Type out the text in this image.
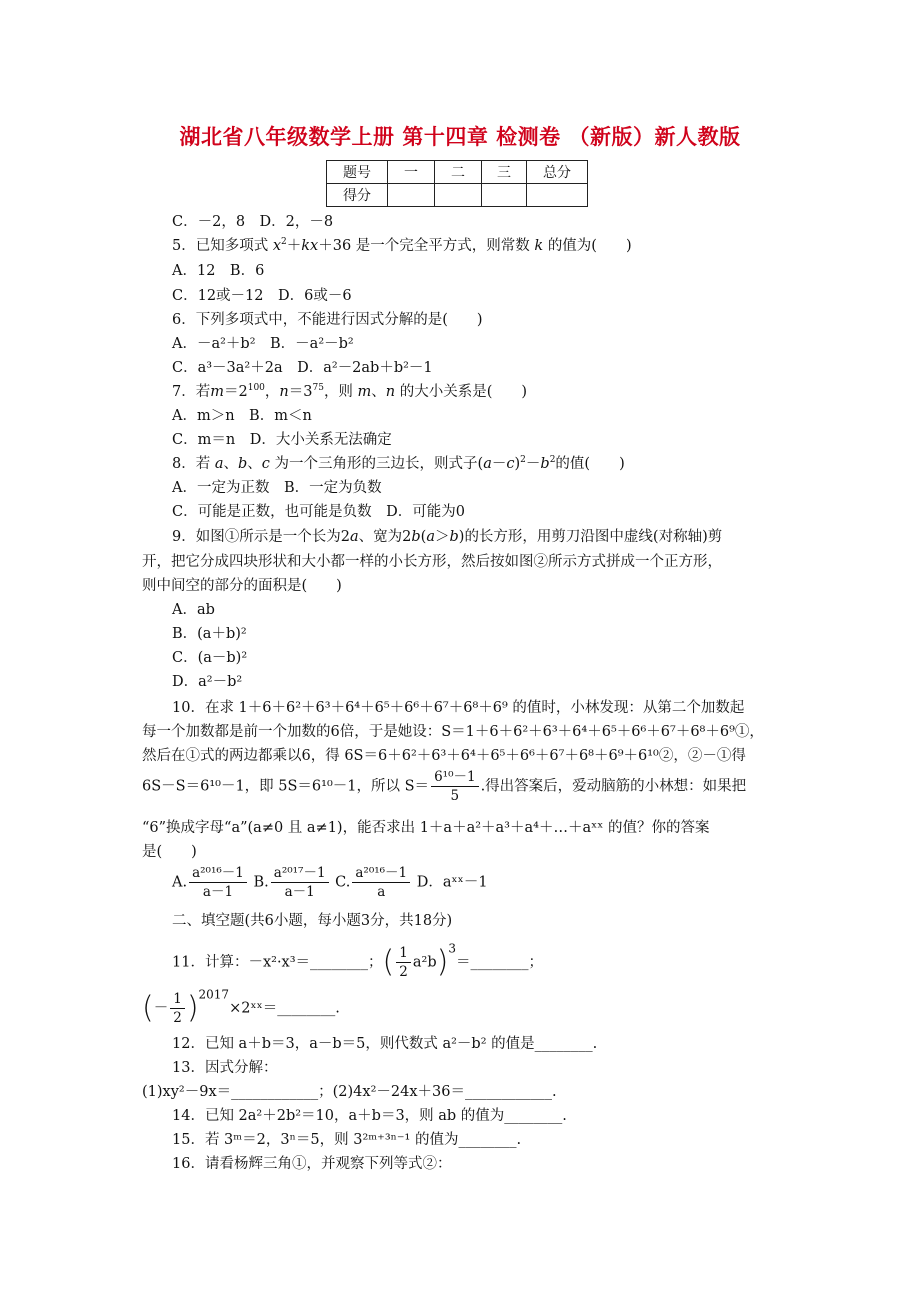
湖北省八年级数学上册 第十四章 检测卷 （新版）新人教版
题号	一	二	三	总分
得分				
C．－2，8　D．2，－8
5．已知多项式 $x^2+kx+36$ 是一个完全平方式，则常数 k 的值为(　　)
A．12　B．6
C．12或－12　D．6或－6
6．下列多项式中，不能进行因式分解的是(　　)
A．－a²＋b²　B．－a²－b²
C．a³－3a²＋2a　D．a²－2ab＋b²－1
7．若$m=2^{100}$，$n=3^{75}$，则 m、n 的大小关系是(　　)
A．m＞n　B．m＜n
C．m＝n　 D．大小关系无法确定
8．若 a、b、c 为一个三角形的三边长，则式子$(a-c)^2-b^2$的值(　　)
A．一定为正数　B．一定为负数
C．可能是正数，也可能是负数　D．可能为0
9．如图①所示是一个长为2a、宽为2b(a＞b)的长方形，用剪刀沿图中虚线(对称轴)剪
开，把它分成四块形状和大小都一样的小长方形，然后按如图②所示方式拼成一个正方形，
则中间空的部分的面积是(　　)
A．ab
B．(a＋b)²
C．(a－b)²
D．a²－b²
10．在求 1＋6＋6²＋6³＋6⁴＋6⁵＋6⁶＋6⁷＋6⁸＋6⁹ 的值时，小林发现：从第二个加数起
每一个加数都是前一个加数的6倍，于是她设：S＝1＋6＋6²＋6³＋6⁴＋6⁵＋6⁶＋6⁷＋6⁸＋6⁹①，
然后在①式的两边都乘以6，得 6S＝6＋6²＋6³＋6⁴＋6⁵＋6⁶＋6⁷＋6⁸＋6⁹＋6¹⁰②，②－①得
6S－S＝6¹⁰－1，即 5S＝6¹⁰－1，所以 $S= \frac{\text{6¹⁰－1}}{5}$ .得出答案后，爱动脑筋的小林想：如果把
“6”换成字母“a”(a≠0 且 a≠1)，能否求出 1＋a＋a²＋a³＋a⁴＋…＋aˣˣ 的值？你的答案
是(　　)
A. $\frac{\text{a²⁰¹⁶－1}}{a-1} B$. $\frac{\text{a²⁰¹⁷－1}}{a-1} C$. $\frac{\text{a²⁰¹⁶－1}}{a}$ D．aˣˣ－1
二、填空题(共6小题，每小题3分，共18分)
11．计算：－x²·x³＝________；( $\frac{1}{2}$ a²b)$^3$＝________；
(－ $\frac{1}{2}$ )$^{2017}$×2ˣˣ＝________.
12．已知 a＋b＝3，a－b＝5，则代数式 a²－b² 的值是________.
13．因式分解：
(1)xy²－9x＝____________；(2)4x²－24x＋36＝____________.
14．已知 2a²＋2b²＝10，a＋b＝3，则 ab 的值为________.
15．若 3ᵐ＝2，3ⁿ＝5，则 3²ᵐ⁺³ⁿ⁻¹ 的值为________.
16．请看杨辉三角①，并观察下列等式②：
